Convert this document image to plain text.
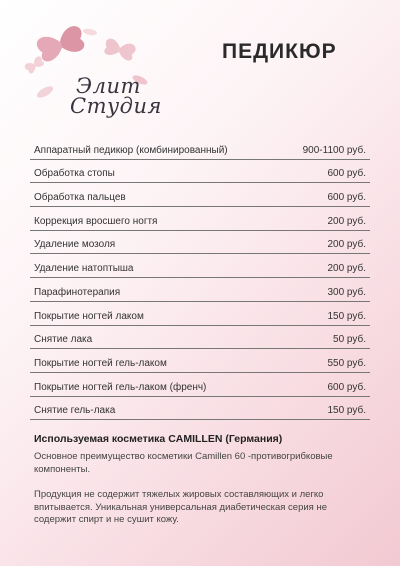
Элит
Студия
ПЕДИКЮР
Аппаратный педикюр (комбинированный)	900-1100 руб.
Обработка стопы	600 руб.
Обработка пальцев	600 руб.
Коррекция вросшего ногтя	200 руб.
Удаление мозоля	200 руб.
Удаление натоптыша	200 руб.
Парафинотерапия	300 руб.
Покрытие ногтей лаком	150 руб.
Снятие лака	50 руб.
Покрытие ногтей гель-лаком	550 руб.
Покрытие ногтей гель-лаком (френч)	600 руб.
Снятие гель-лака	150 руб.
Используемая косметика CAMILLEN (Германия)
Основное преимущество косметики Camillen 60 -противогрибковые компоненты.
Продукция не содержит тяжелых жировых составляющих и легко впитывается. Уникальная универсальная диабетическая серия не содержит спирт и не сушит кожу.
